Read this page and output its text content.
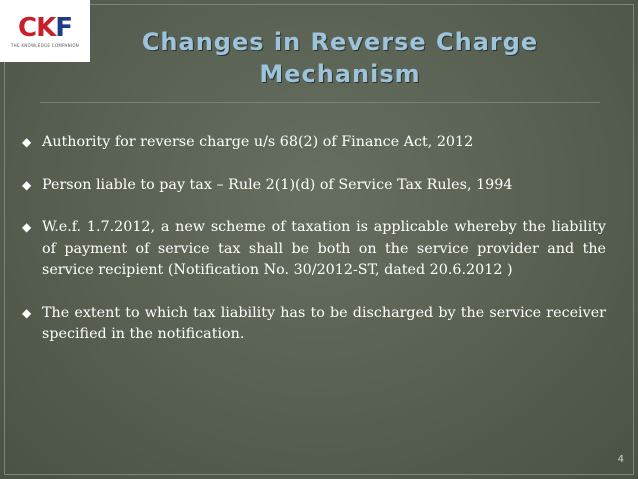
CKF
THE KNOWLEDGE COMPANION	Changes in Reverse Charge
Mechanism
◆ Authority for reverse charge u/s 68(2) of Finance Act, 2012
◆ Person liable to pay tax – Rule 2(1)(d) of Service Tax Rules, 1994
◆ W.e.f. 1.7.2012, a new scheme of taxation is applicable whereby the liability of payment of service tax shall be both on the service provider and the service recipient (Notification No. 30/2012-ST, dated 20.6.2012 )
◆ The extent to which tax liability has to be discharged by the service receiver specified in the notification.
4
